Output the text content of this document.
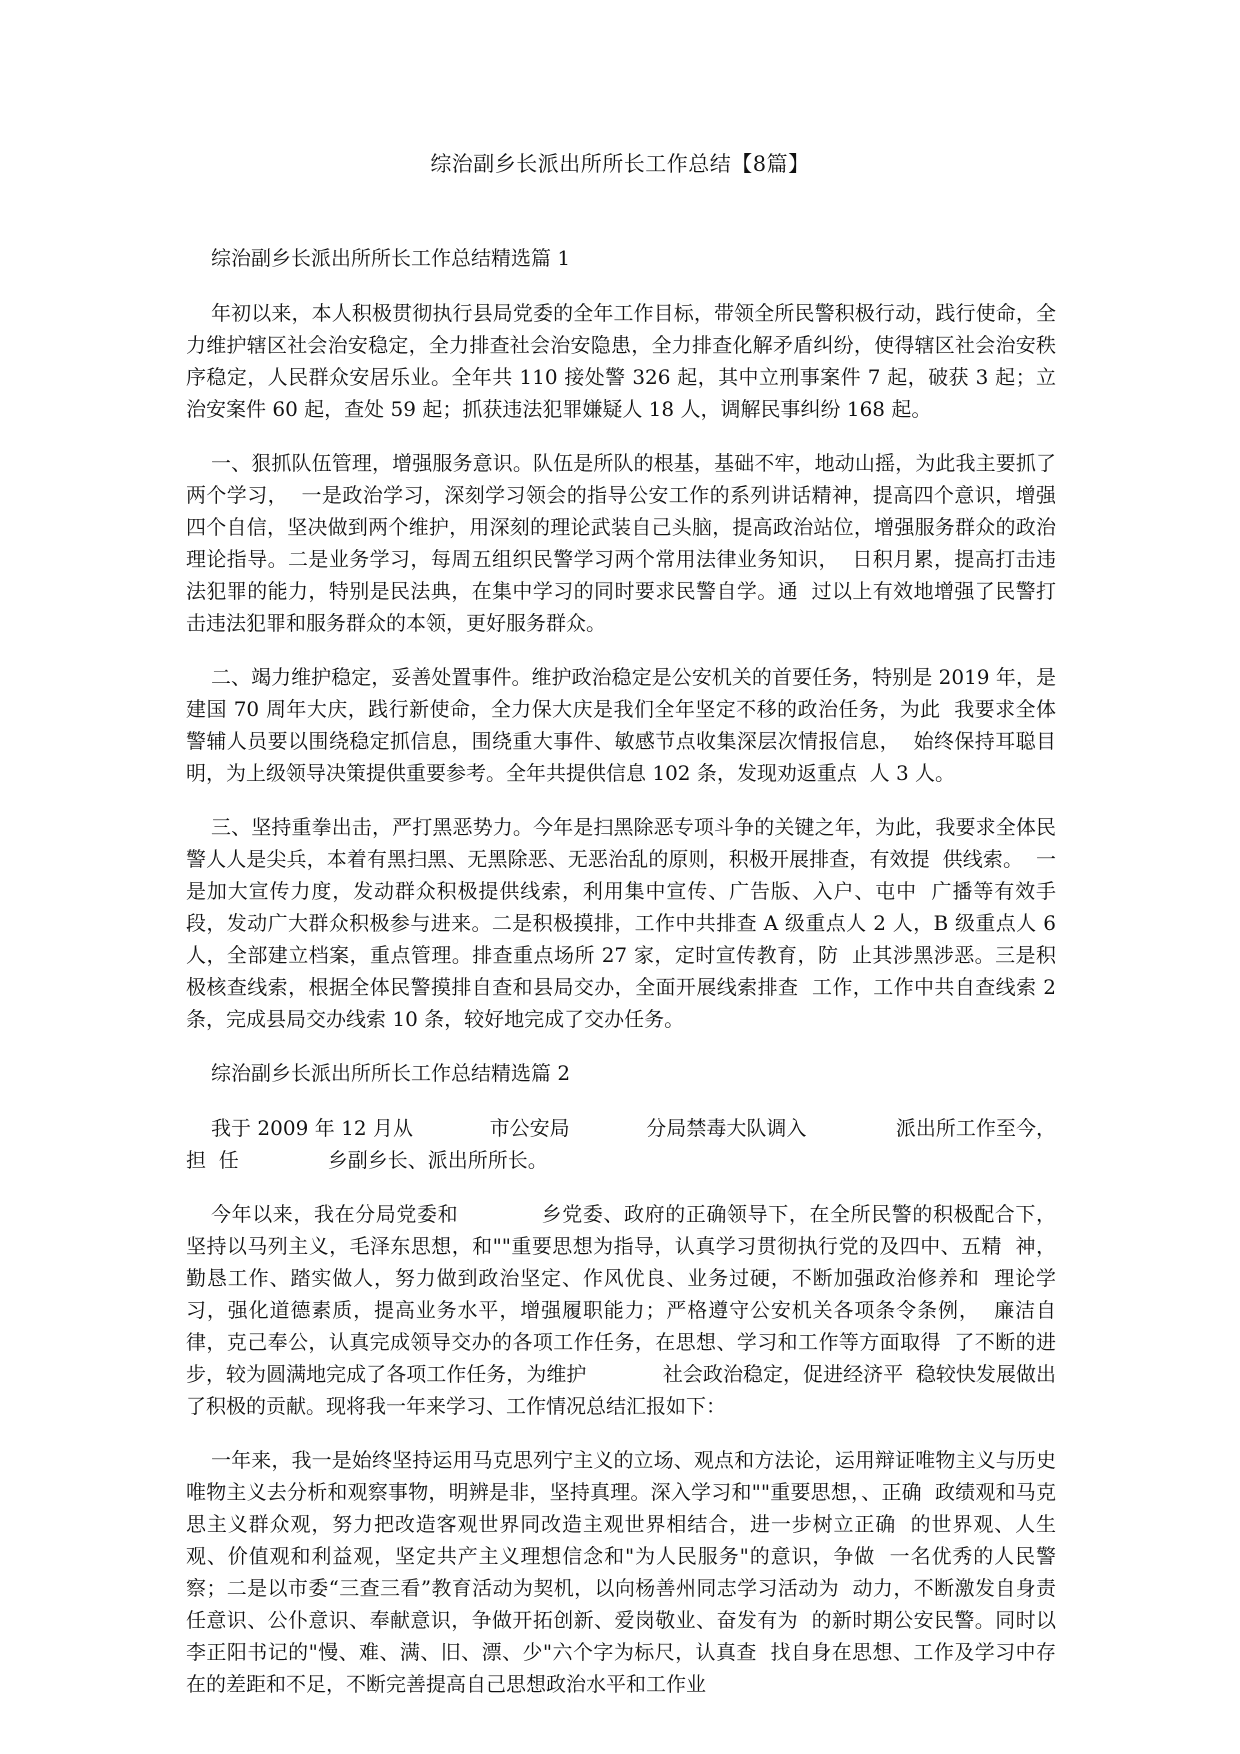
综治副乡长派出所所长工作总结【8篇】

综治副乡长派出所所长工作总结精选篇 1

年初以来，本人积极贯彻执行县局党委的全年工作目标，带领全所民警积极行动，践行使命，全力维护辖区社会治安稳定，全力排查社会治安隐患，全力排查化解矛盾纠纷，使得辖区社会治安秩序稳定，人民群众安居乐业。全年共 110 接处警 326 起，其中立刑事案件 7 起，破获 3 起；立治安案件 60 起，查处 59 起；抓获违法犯罪嫌疑人 18 人，调解民事纠纷 168 起。

一、狠抓队伍管理，增强服务意识。队伍是所队的根基，基础不牢，地动山摇，为此我主要抓了两个学习，  一是政治学习，深刻学习领会的指导公安工作的系列讲话精神，提高四个意识，增强四个自信，坚决做到两个维护，用深刻的理论武装自己头脑，提高政治站位，增强服务群众的政治理论指导。二是业务学习，每周五组织民警学习两个常用法律业务知识，  日积月累，提高打击违法犯罪的能力，特别是民法典，在集中学习的同时要求民警自学。通  过以上有效地增强了民警打击违法犯罪和服务群众的本领，更好服务群众。

二、竭力维护稳定，妥善处置事件。维护政治稳定是公安机关的首要任务，特别是 2019 年，是建国 70 周年大庆，践行新使命，全力保大庆是我们全年坚定不移的政治任务，为此  我要求全体警辅人员要以围绕稳定抓信息，围绕重大事件、敏感节点收集深层次情报信息，  始终保持耳聪目明，为上级领导决策提供重要参考。全年共提供信息 102 条，发现劝返重点  人 3 人。

三、坚持重拳出击，严打黑恶势力。今年是扫黑除恶专项斗争的关键之年，为此，我要求全体民警人人是尖兵，本着有黑扫黑、无黑除恶、无恶治乱的原则，积极开展排查，有效提  供线索。  一是加大宣传力度，发动群众积极提供线索，利用集中宣传、广告版、入户、屯中  广播等有效手段，发动广大群众积极参与进来。二是积极摸排，工作中共排查 A 级重点人 2 人，B 级重点人 6 人，全部建立档案，重点管理。排查重点场所 27 家，定时宣传教育，防  止其涉黑涉恶。三是积极核查线索，根据全体民警摸排自查和县局交办，全面开展线索排查  工作，工作中共自查线索 2 条，完成县局交办线索 10 条，较好地完成了交办任务。

综治副乡长派出所所长工作总结精选篇 2

我于 2009 年 12 月从            市公安局            分局禁毒大队调入              派出所工作至今，担  任              乡副乡长、派出所所长。

今年以来，我在分局党委和            乡党委、政府的正确领导下，在全所民警的积极配合下，  坚持以马列主义，毛泽东思想，和""重要思想为指导，认真学习贯彻执行党的及四中、五精  神，勤恳工作、踏实做人，努力做到政治坚定、作风优良、业务过硬，不断加强政治修养和  理论学习，强化道德素质，提高业务水平，增强履职能力；严格遵守公安机关各项条令条例，  廉洁自律，克己奉公，认真完成领导交办的各项工作任务，在思想、学习和工作等方面取得  了不断的进步，较为圆满地完成了各项工作任务，为维护            社会政治稳定，促进经济平  稳较快发展做出了积极的贡献。现将我一年来学习、工作情况总结汇报如下：

一年来，我一是始终坚持运用马克思列宁主义的立场、观点和方法论，运用辩证唯物主义与历史唯物主义去分析和观察事物，明辨是非，坚持真理。深入学习和""重要思想，、正确  政绩观和马克思主义群众观，努力把改造客观世界同改造主观世界相结合，进一步树立正确  的世界观、人生观、价值观和利益观，坚定共产主义理想信念和"为人民服务"的意识，争做  一名优秀的人民警察；二是以市委“三查三看”教育活动为契机，以向杨善州同志学习活动为  动力，不断激发自身责任意识、公仆意识、奉献意识，争做开拓创新、爱岗敬业、奋发有为  的新时期公安民警。同时以李正阳书记的"慢、难、满、旧、漂、少"六个字为标尺，认真查  找自身在思想、工作及学习中存在的差距和不足，不断完善提高自己思想政治水平和工作业
